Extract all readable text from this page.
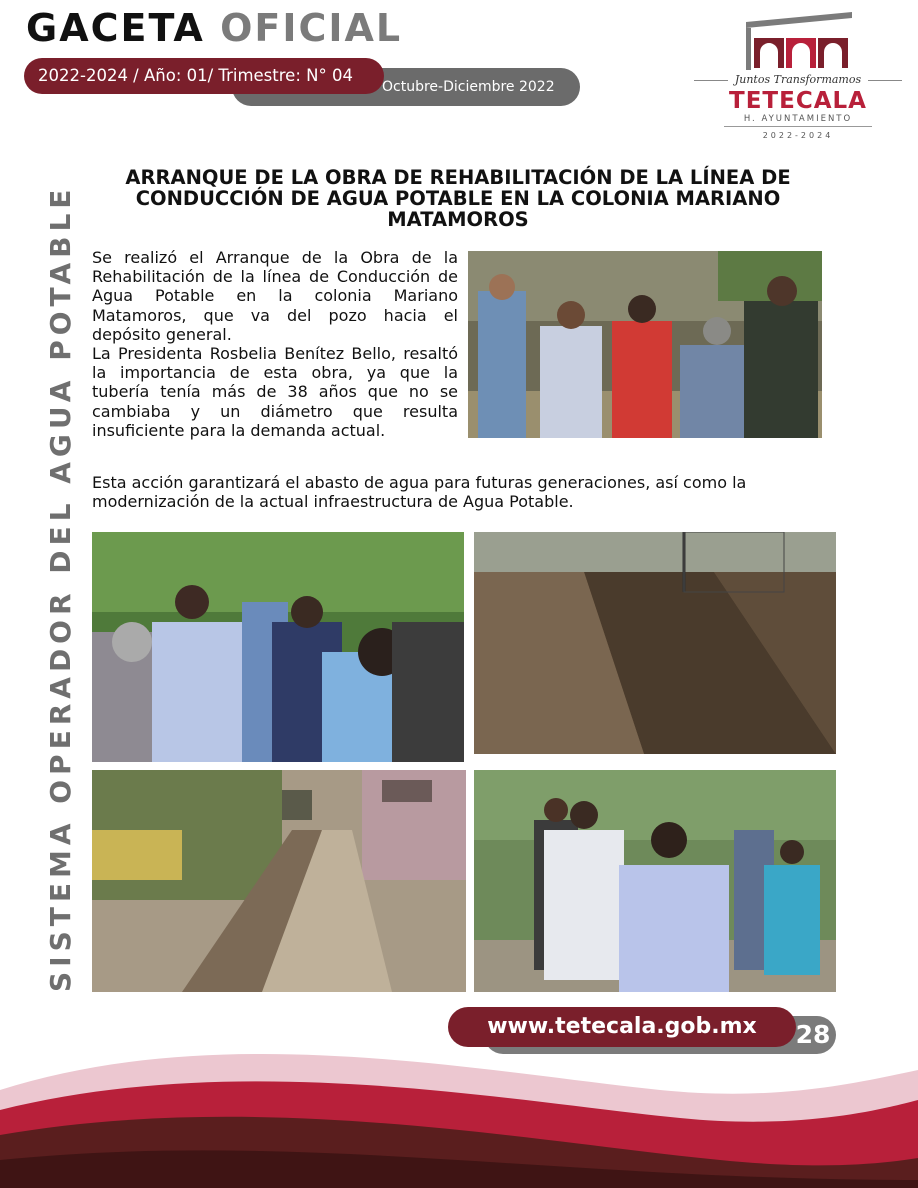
GACETA OFICIAL
Octubre-Diciembre 2022
2022-2024 / Año: 01/ Trimestre: N° 04	Juntos Transformamos
TETECALA
H. AYUNTAMIENTO
2022-2024
SISTEMA OPERADOR DEL AGUA POTABLE
ARRANQUE DE LA OBRA DE REHABILITACIÓN DE LA LÍNEA DE CONDUCCIÓN DE AGUA POTABLE EN LA COLONIA MARIANO MATAMOROS

Se realizó el Arranque de la Obra de la Rehabilitación de la línea de Conducción de Agua Potable en la colonia Mariano Matamoros, que va del pozo hacia el depósito general.

La Presidenta Rosbelia Benítez Bello, resaltó la importancia de esta obra, ya que la tubería tenía más de 38 años que no se cambiaba y un diámetro que resulta insuficiente para la demanda actual.

Esta acción garantizará el abasto de agua para futuras generaciones, así como la modernización de la actual infraestructura de Agua Potable.

www.tetecala.gob.mx	28
